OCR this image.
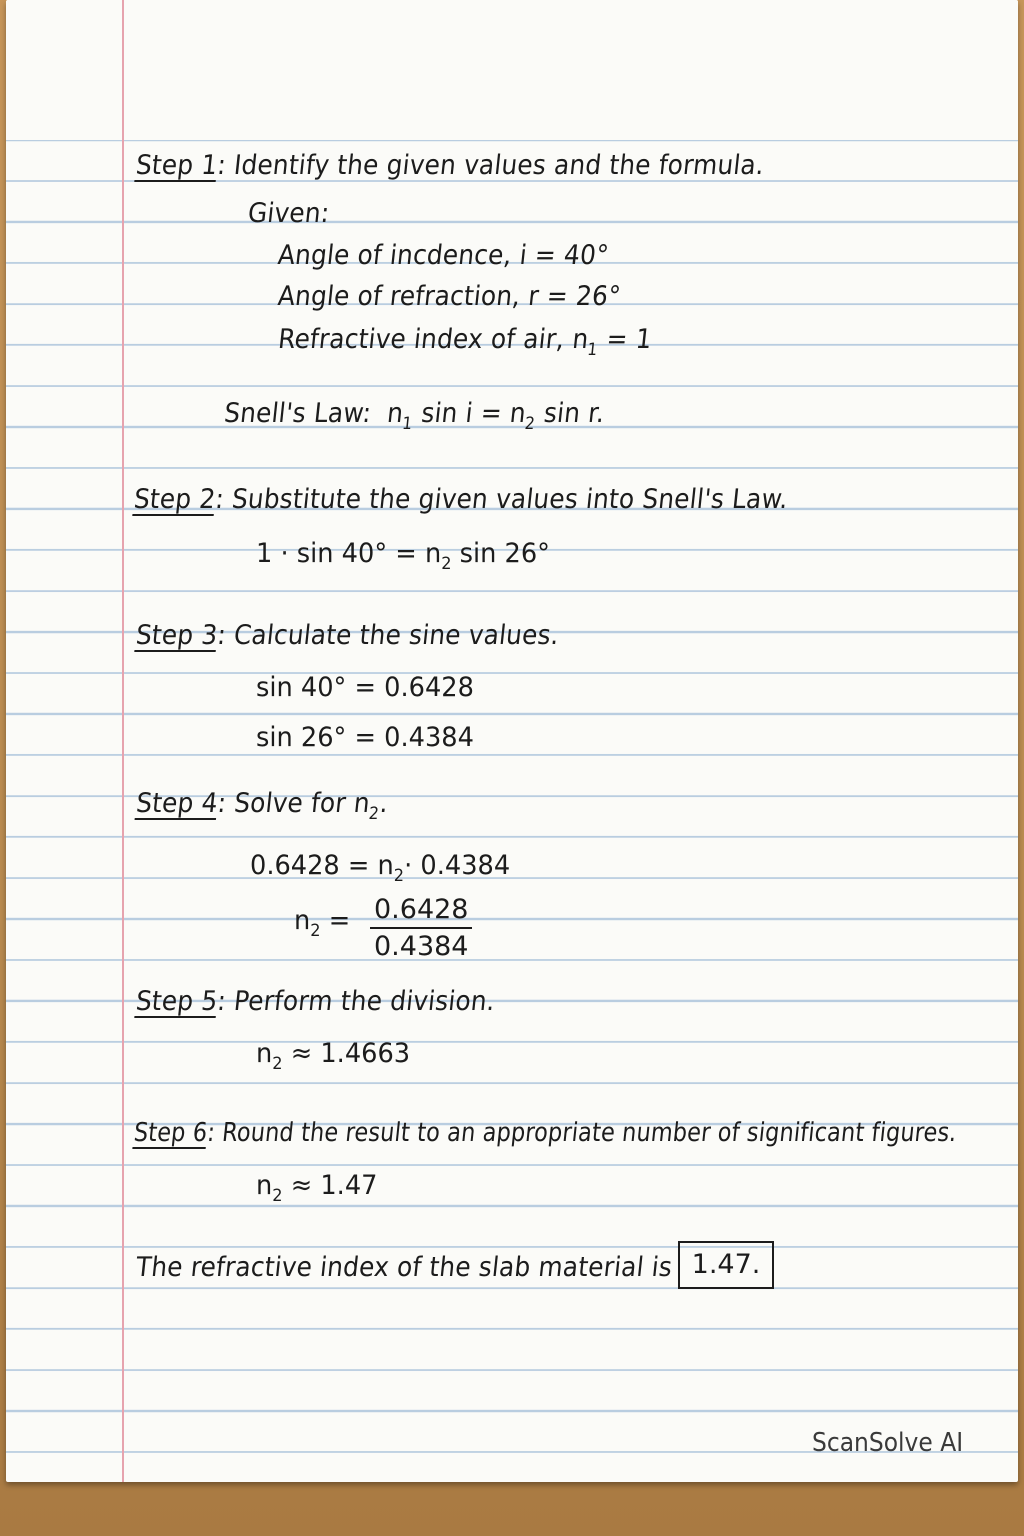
Step 1: Identify the given values and the formula.
Given:
Angle of incdence, i = 40°
Angle of refraction, r = 26°
Refractive index of air, $n_1 = 1$
Snell's Law: $n_1$ $\sin i = n_2$ sin r.
Step 2: Substitute the given values into Snell's Law.
$1 \cdot \sin 40^\circ = n_2$ sin 26°
Step 3: Calculate the sine values.
sin 40° = 0.6428
sin 26° = 0.4384
Step 4: Solve for $n_2$.
$0.6428 = n_2\cdot 0.4384$
$n_2 = \frac{0.6428}{0.4384}$
Step 5: Perform the division.
$n_2 \approx 1.4663$
Step 6: Round the result to an appropriate number of significant figures.
$n_2 \approx 1.47$
The refractive index of the slab material is 1.47.
ScanSolve AI
